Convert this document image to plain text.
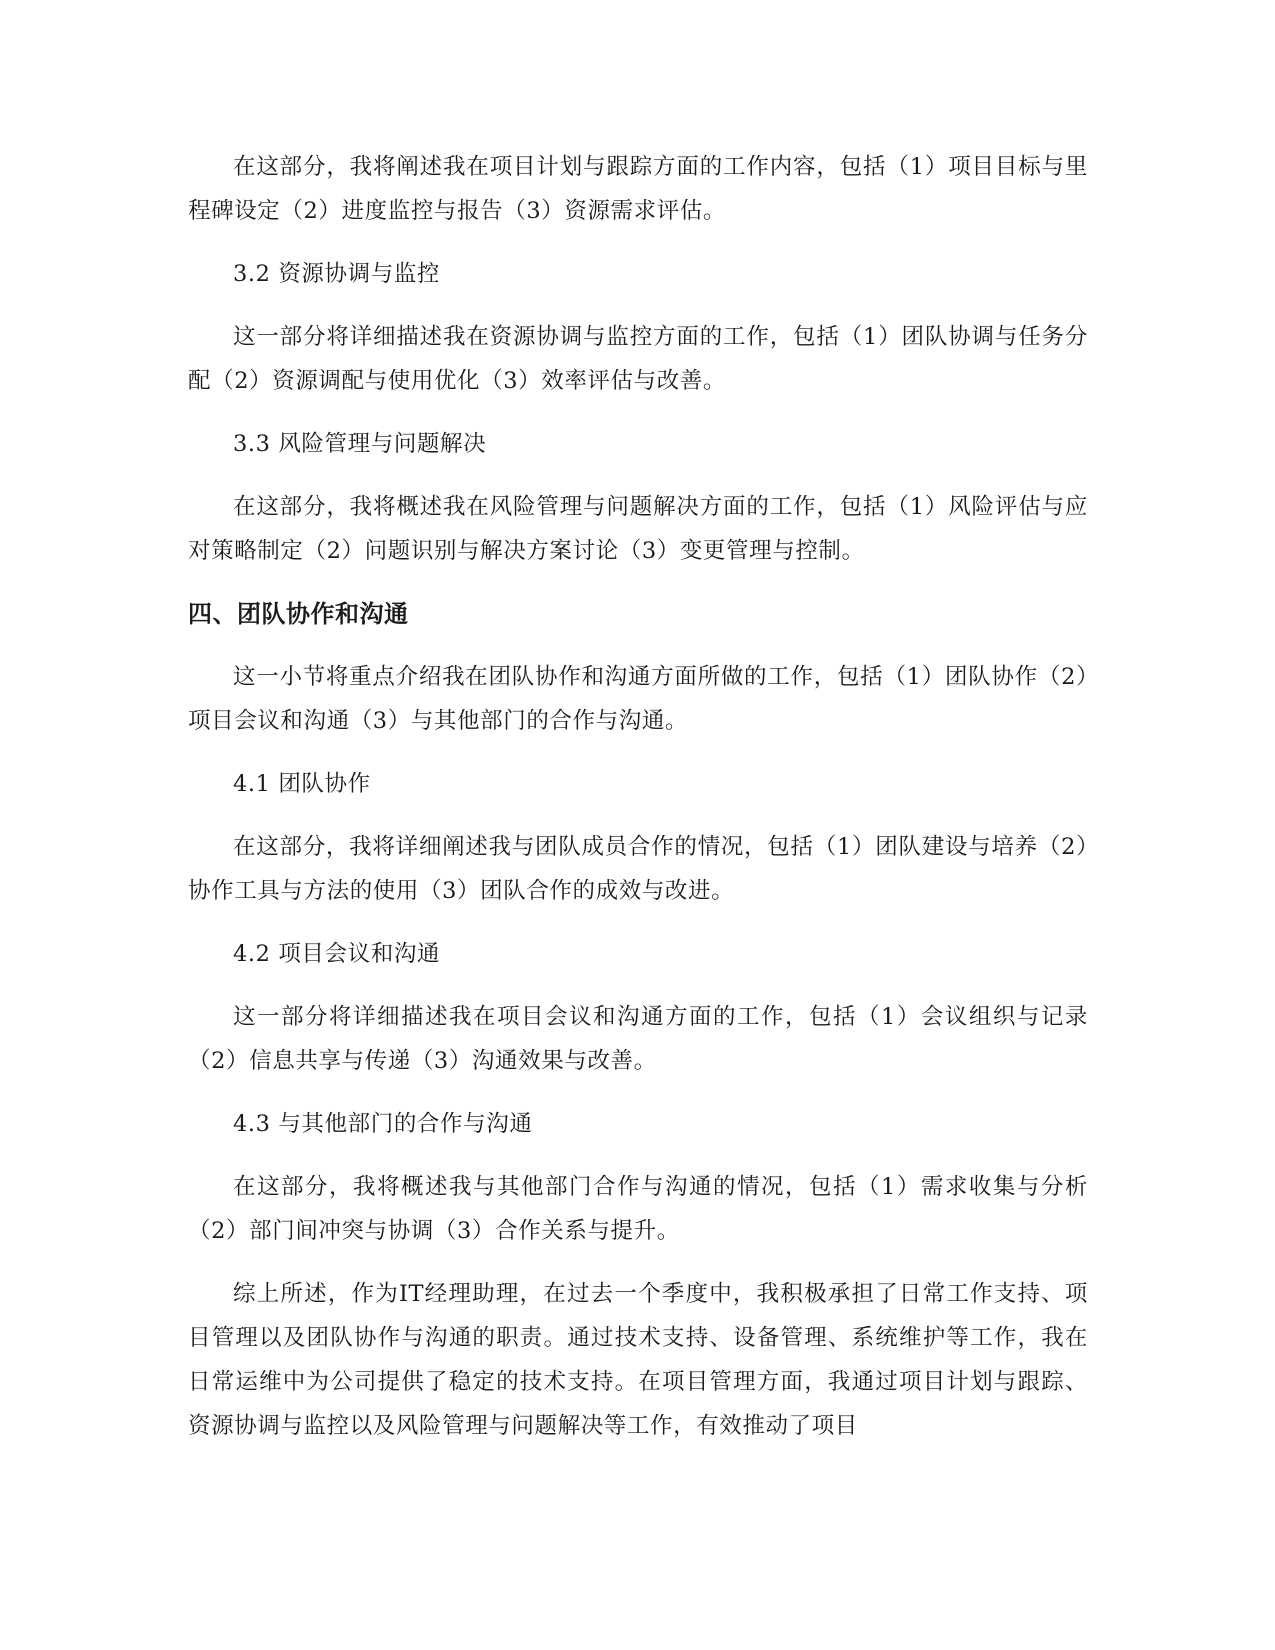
在这部分，我将阐述我在项目计划与跟踪方面的工作内容，包括（1）项目目标与里程碑设定（2）进度监控与报告（3）资源需求评估。

3.2 资源协调与监控

这一部分将详细描述我在资源协调与监控方面的工作，包括（1）团队协调与任务分配（2）资源调配与使用优化（3）效率评估与改善。

3.3 风险管理与问题解决

在这部分，我将概述我在风险管理与问题解决方面的工作，包括（1）风险评估与应对策略制定（2）问题识别与解决方案讨论（3）变更管理与控制。

四、团队协作和沟通

这一小节将重点介绍我在团队协作和沟通方面所做的工作，包括（1）团队协作（2）项目会议和沟通（3）与其他部门的合作与沟通。

4.1 团队协作

在这部分，我将详细阐述我与团队成员合作的情况，包括（1）团队建设与培养（2）协作工具与方法的使用（3）团队合作的成效与改进。

4.2 项目会议和沟通

这一部分将详细描述我在项目会议和沟通方面的工作，包括（1）会议组织与记录（2）信息共享与传递（3）沟通效果与改善。

4.3 与其他部门的合作与沟通

在这部分，我将概述我与其他部门合作与沟通的情况，包括（1）需求收集与分析（2）部门间冲突与协调（3）合作关系与提升。

综上所述，作为IT经理助理，在过去一个季度中，我积极承担了日常工作支持、项目管理以及团队协作与沟通的职责。通过技术支持、设备管理、系统维护等工作，我在日常运维中为公司提供了稳定的技术支持。在项目管理方面，我通过项目计划与跟踪、资源协调与监控以及风险管理与问题解决等工作，有效推动了项目
